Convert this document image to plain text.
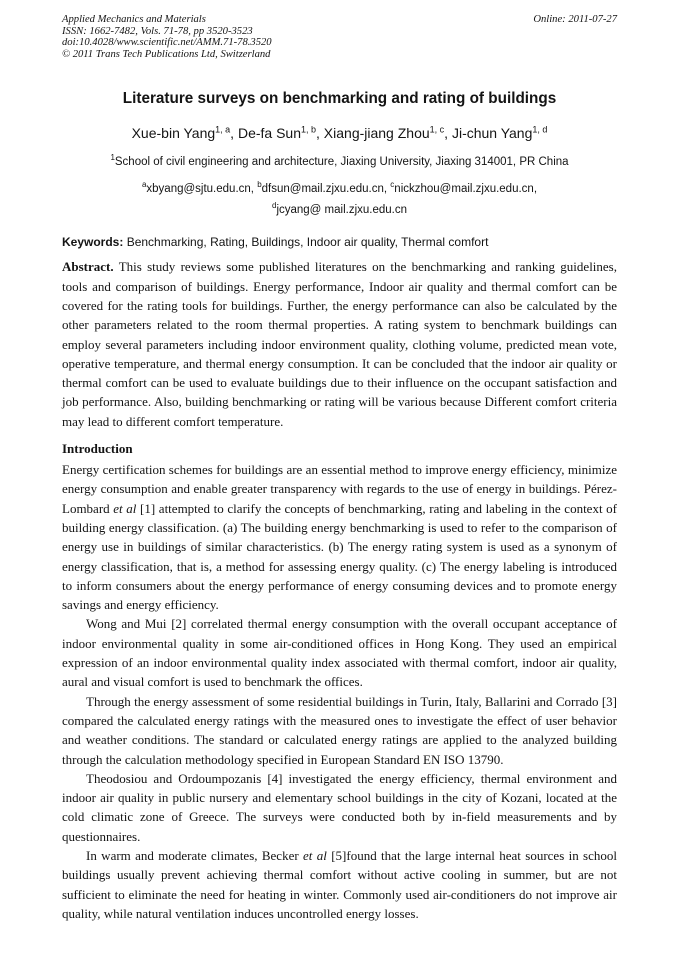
Applied Mechanics and Materials
ISSN: 1662-7482, Vols. 71-78, pp 3520-3523
doi:10.4028/www.scientific.net/AMM.71-78.3520
© 2011 Trans Tech Publications Ltd, Switzerland
Online: 2011-07-27
Literature surveys on benchmarking and rating of buildings
Xue-bin Yang$^{1, a}$, De-fa Sun$^{1, b}$, Xiang-jiang Zhou$^{1, c}$, Ji-chun Yang$^{1, d}$
$^1$School of civil engineering and architecture, Jiaxing University, Jiaxing 314001, PR China
$^a$xbyang@sjtu.edu.cn, $^b$dfsun@mail.zjxu.edu.cn, $^c$nickzhou@mail.zjxu.edu.cn,
$^d$jcyang@ mail.zjxu.edu.cn
Keywords: Benchmarking, Rating, Buildings, Indoor air quality, Thermal comfort

Abstract. This study reviews some published literatures on the benchmarking and ranking guidelines, tools and comparison of buildings. Energy performance, Indoor air quality and thermal comfort can be covered for the rating tools for buildings. Further, the energy performance can also be calculated by the other parameters related to the room thermal properties. A rating system to benchmark buildings can employ several parameters including indoor environment quality, clothing volume, predicted mean vote, operative temperature, and thermal energy consumption. It can be concluded that the indoor air quality or thermal comfort can be used to evaluate buildings due to their influence on the occupant satisfaction and job performance. Also, building benchmarking or rating will be various because Different comfort criteria may lead to different comfort temperature.

Introduction

Energy certification schemes for buildings are an essential method to improve energy efficiency, minimize energy consumption and enable greater transparency with regards to the use of energy in buildings. Pérez-Lombard et al [1] attempted to clarify the concepts of benchmarking, rating and labeling in the context of building energy classification. (a) The building energy benchmarking is used to refer to the comparison of energy use in buildings of similar characteristics. (b) The energy rating system is used as a synonym of energy classification, that is, a method for assessing energy quality. (c) The energy labeling is introduced to inform consumers about the energy performance of energy consuming devices and to promote energy savings and energy efficiency.

Wong and Mui [2] correlated thermal energy consumption with the overall occupant acceptance of indoor environmental quality in some air-conditioned offices in Hong Kong. They used an empirical expression of an indoor environmental quality index associated with thermal comfort, indoor air quality, aural and visual comfort is used to benchmark the offices.

Through the energy assessment of some residential buildings in Turin, Italy, Ballarini and Corrado [3] compared the calculated energy ratings with the measured ones to investigate the effect of user behavior and weather conditions. The standard or calculated energy ratings are applied to the analyzed building through the calculation methodology specified in European Standard EN ISO 13790.

Theodosiou and Ordoumpozanis [4] investigated the energy efficiency, thermal environment and indoor air quality in public nursery and elementary school buildings in the city of Kozani, located at the cold climatic zone of Greece. The surveys were conducted both by in-field measurements and by questionnaires.

In warm and moderate climates, Becker et al [5]found that the large internal heat sources in school buildings usually prevent achieving thermal comfort without active cooling in summer, but are not sufficient to eliminate the need for heating in winter. Commonly used air-conditioners do not improve air quality, while natural ventilation induces uncontrolled energy losses.
